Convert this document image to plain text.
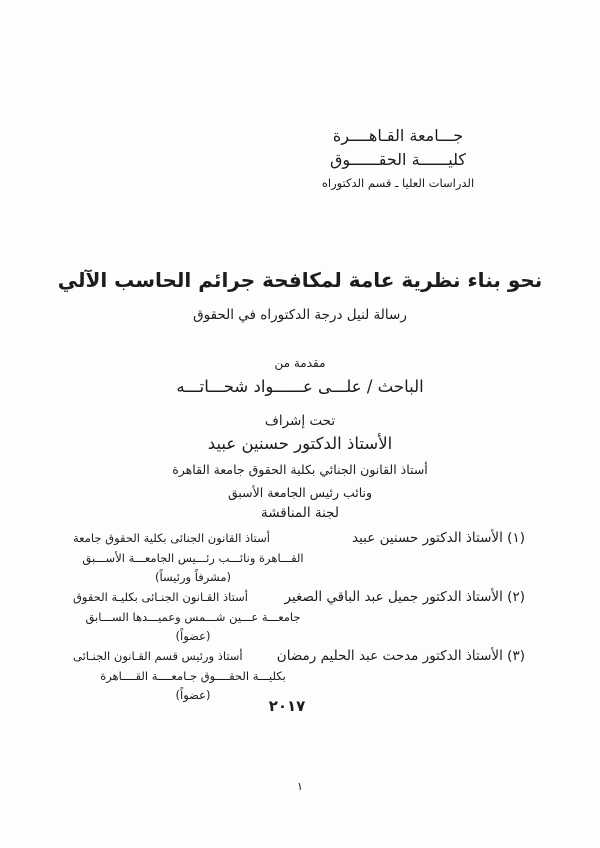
جـــامعة القـاهــــرة
كليــــــة الحقــــــوق
الدراسات العليا ـ قسم الدكتوراه
نحو بناء نظرية عامة لمكافحة جرائم الحاسب الآلي
رسالة لنيل درجة الدكتوراه في الحقوق
مقدمة من
الباحث / علـــى عــــــواد شحـــاتـــه
تحت إشراف
الأستاذ الدكتور حسنين عبيد
أستاذ القانون الجنائي بكلية الحقوق جامعة القاهرة
ونائب رئيس الجامعة الأسبق
لجنة المناقشة
(١) الأستاذ الدكتور حسنين عبيد
أستاذ القانون الجنائى بكلية الحقوق جامعة
القـــاهرة ونائـــب رئـــيس الجامعـــة الأســـبق
(مشرفاً ورئيساً)
(٢) الأستاذ الدكتور جميل عبد الباقي الصغير
أستاذ القـانون الجنـائى بكليـة الحقوق
جامعـــة عـــين شـــمس وعميـــدها الســـابق
(عضواً)
(٣) الأستاذ الدكتور مدحت عبد الحليم رمضان
أستاذ ورئيس قسم القـانون الجنـائى
بكليـــة الحقــــوق جـامعــــة القــــاهرة
(عضواً)
٢٠١٧
١
